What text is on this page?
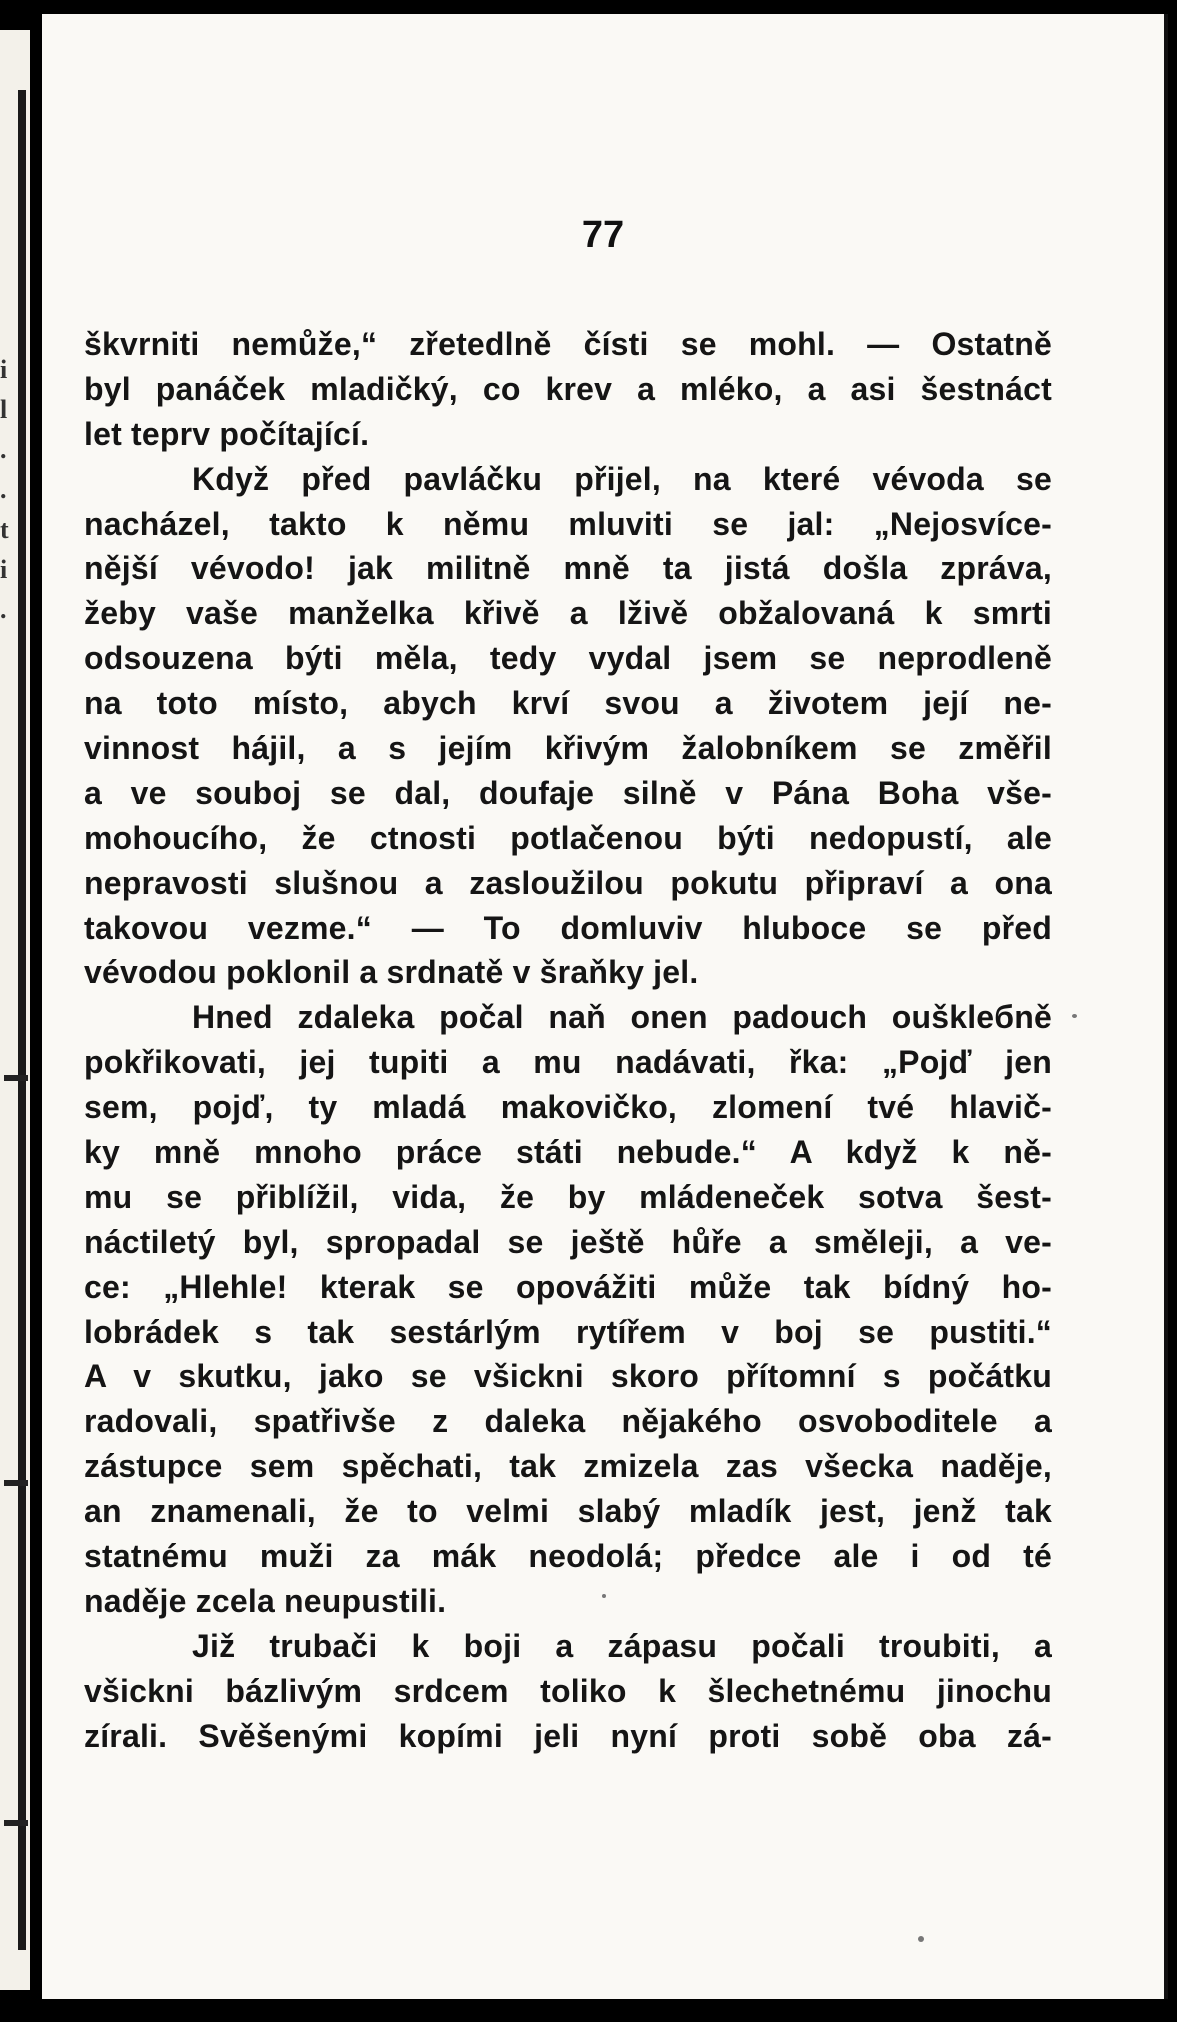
i
l
.
.
t
i
.
77
škvrniti nemůže,“ zřetedlně čísti se mohl. — Ostatně
byl panáček mladičký, co krev a mléko, a asi šestnáct
let teprv počítající.
Když před pavláčku přijel, na které vévoda se
nacházel, takto k němu mluviti se jal: „Nejosvíce-
nější vévodo! jak militně mně ta jistá došla zpráva,
žeby vaše manželka křivě a lživě obžalovaná k smrti
odsouzena býti měla, tedy vydal jsem se neprodleně
na toto místo, abych krví svou a životem její ne-
vinnost hájil, a s jejím křivým žalobníkem se změřil
a ve souboj se dal, doufaje silně v Pána Boha vše-
mohoucího, že ctnosti potlačenou býti nedopustí, ale
nepravosti slušnou a zasloužilou pokutu připraví a ona
takovou vezme.“ — To domluviv hluboce se před
vévodou poklonil a srdnatě v šraňky jel.
Hned zdaleka počal naň onen padouch ouškleбně
pokřikovati, jej tupiti a mu nadávati, řka: „Pojď jen
sem, pojď, ty mladá makovičko, zlomení tvé hlavič-
ky mně mnoho práce státi nebude.“ A když k ně-
mu se přiblížil, vida, že by mládeneček sotva šest-
náctiletý byl, spropadal se ještě hůře a směleji, a ve-
ce: „Hlehle! kterak se opovážiti může tak bídný ho-
lobrádek s tak sestárlým rytířem v boj se pustiti.“
A v skutku, jako se všickni skoro přítomní s počátku
radovali, spatřivše z daleka nějakého osvoboditele a
zástupce sem spěchati, tak zmizela zas všecka naděje,
an znamenali, že to velmi slabý mladík jest, jenž tak
statnému muži za mák neodolá; předce ale i od té
naděje zcela neupustili.
Již trubači k boji a zápasu počali troubiti, a
všickni bázlivým srdcem toliko k šlechetnému jinochu
zírali. Svěšenými kopími jeli nyní proti sobě oba zá-
